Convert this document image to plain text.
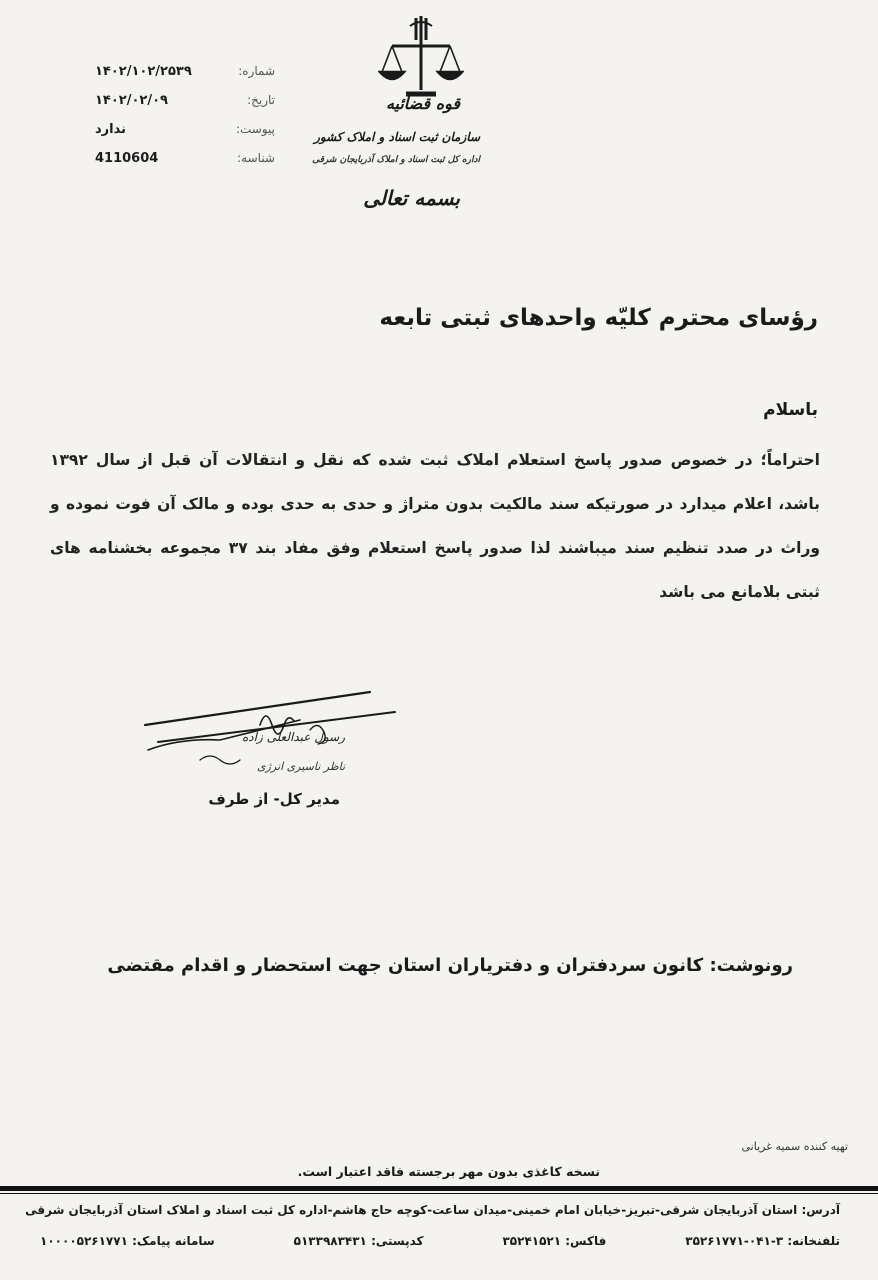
قوه قضائیه
سازمان ثبت اسناد و املاک کشور
اداره کل ثبت اسناد و املاک آذربایجان شرقی
بسمه تعالی
شماره:
۱۴۰۲/۱۰۲/۲۵۳۹
تاریخ:
۱۴۰۲/۰۲/۰۹
پیوست:
ندارد
شناسه:
4110604
رؤسای محترم کلیّه واحدهای ثبتی تابعه
باسلام
احتراماً؛ در خصوص صدور پاسخ استعلام املاک ثبت شده که نقل و انتقالات آن قبل از سال ۱۳۹۲ باشد، اعلام میدارد در صورتیکه سند مالکیت بدون متراژ و حدی به حدی بوده و مالک آن فوت نموده و وراث در صدد تنظیم سند میباشند لذا صدور پاسخ استعلام وفق مفاد بند ۳۷ مجموعه بخشنامه های ثبتی بلامانع می باشد
رسول عبدالعلی زاده
ناظر ناسیری انرژی
مدیر کل- از طرف
رونوشت: کانون سردفتران و دفتریاران استان جهت استحضار و اقدام مقتضی
تهیه کننده سمیه غریانی
نسخه کاغذی بدون مهر برجسته فاقد اعتبار است.
آدرس: استان آذربایجان شرقی-تبریز-خیابان امام خمینی-میدان ساعت-کوچه حاج هاشم-اداره کل ثبت اسناد و املاک استان آذربایجان شرقی
تلفنخانه: ۳-۰۴۱-۳۵۲۶۱۷۷۱
فاکس: ۳۵۲۴۱۵۲۱
کدپستی: ۵۱۳۳۹۸۳۴۳۱
سامانه پیامک: ۱۰۰۰۰۵۲۶۱۷۷۱
